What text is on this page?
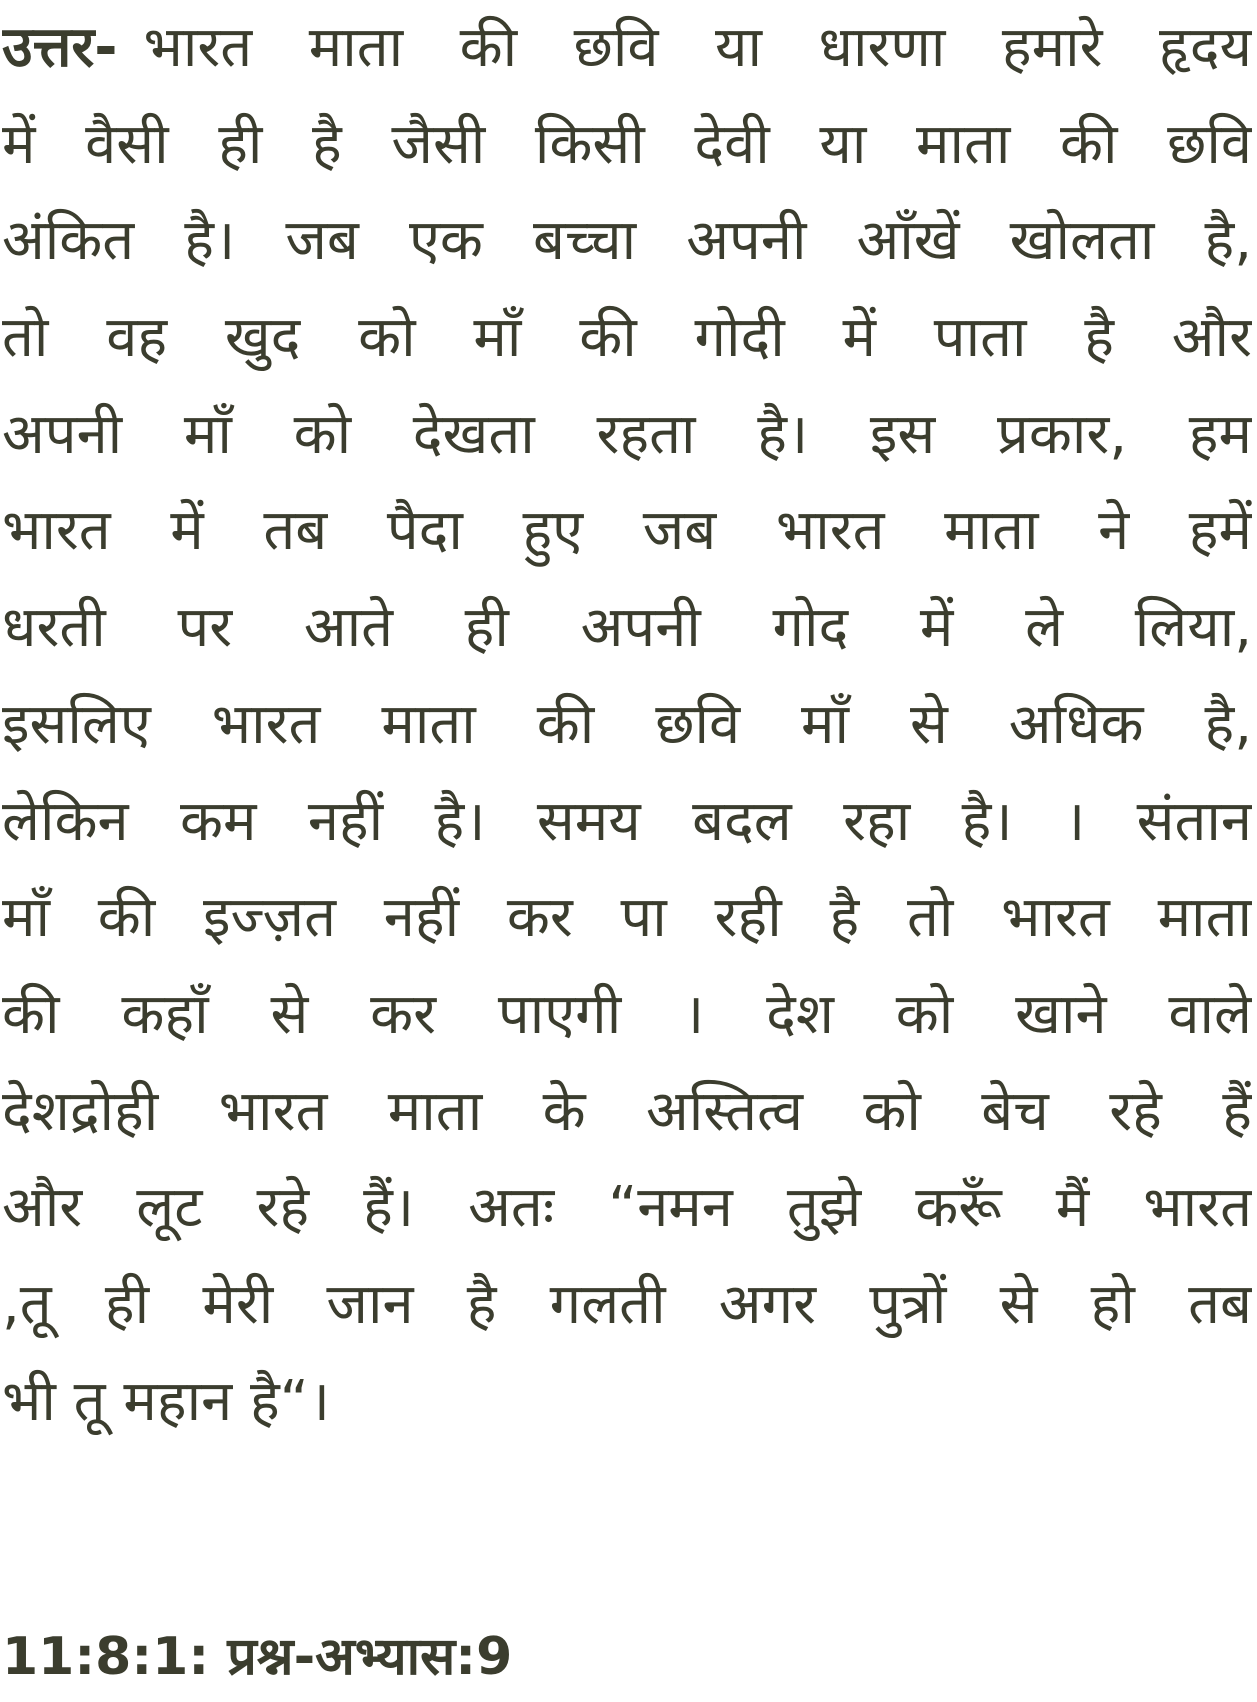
उत्तर- भारत माता की छवि या धारणा हमारे हृदय
में वैसी ही है जैसी किसी देवी या माता की छवि
अंकित है। जब एक बच्चा अपनी आँखें खोलता है,
तो वह खुद को माँ की गोदी में पाता है और
अपनी माँ को देखता रहता है। इस प्रकार, हम
भारत में तब पैदा हुए जब भारत माता ने हमें
धरती पर आते ही अपनी गोद में ले लिया,
इसलिए भारत माता की छवि माँ से अधिक है,
लेकिन कम नहीं है। समय बदल रहा है। । संतान
माँ की इज्ज़त नहीं कर पा रही है तो भारत माता
की कहाँ से कर पाएगी । देश को खाने वाले
देशद्रोही भारत माता के अस्तित्व को बेच रहे हैं
और लूट रहे हैं। अतः “नमन तुझे करूँ मैं भारत
,तू ही मेरी जान है गलती अगर पुत्रों से हो तब
भी तू महान है“।
11:8:1: प्रश्न-अभ्यास:9
